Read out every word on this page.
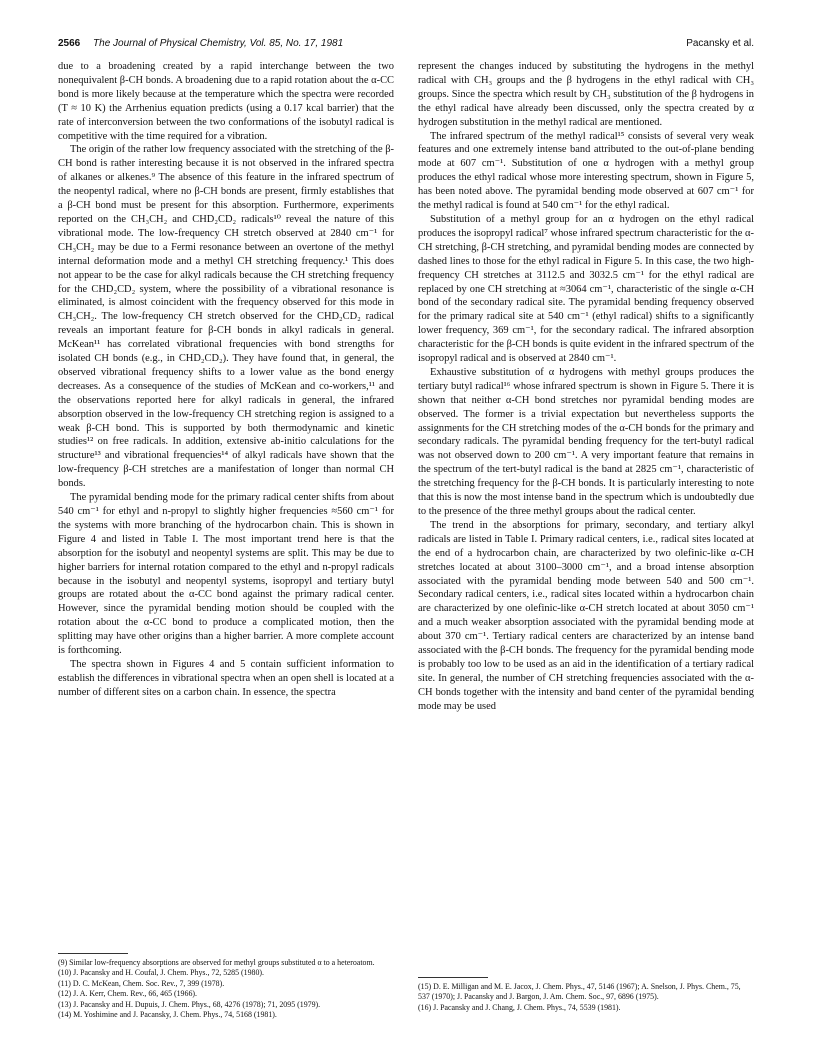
2566 The Journal of Physical Chemistry, Vol. 85, No. 17, 1981	Pacansky et al.

due to a broadening created by a rapid interchange between the two nonequivalent β-CH bonds. A broadening due to a rapid rotation about the α-CC bond is more likely because at the temperature which the spectra were recorded (T ≈ 10 K) the Arrhenius equation predicts (using a 0.17 kcal barrier) that the rate of interconversion between the two conformations of the isobutyl radical is competitive with the time required for a vibration.

The origin of the rather low frequency associated with the stretching of the β-CH bond is rather interesting because it is not observed in the infrared spectra of alkanes or alkenes.⁹ The absence of this feature in the infrared spectrum of the neopentyl radical, where no β-CH bonds are present, firmly establishes that a β-CH bond must be present for this absorption. Furthermore, experiments reported on the CH₃CH₂ and CHD₂CD₂ radicals¹⁰ reveal the nature of this vibrational mode. The low-frequency CH stretch observed at 2840 cm⁻¹ for CH₃CH₂ may be due to a Fermi resonance between an overtone of the methyl internal deformation mode and a methyl CH stretching frequency.¹ This does not appear to be the case for alkyl radicals because the CH stretching frequency for the CHD₂CD₂ system, where the possibility of a vibrational resonance is eliminated, is almost coincident with the frequency observed for this mode in CH₃CH₂. The low-frequency CH stretch observed for the CHD₂CD₂ radical reveals an important feature for β-CH bonds in alkyl radicals in general. McKean¹¹ has correlated vibrational frequencies with bond strengths for isolated CH bonds (e.g., in CHD₂CD₂). They have found that, in general, the observed vibrational frequency shifts to a lower value as the bond energy decreases. As a consequence of the studies of McKean and co-workers,¹¹ and the observations reported here for alkyl radicals in general, the infrared absorption observed in the low-frequency CH stretching region is assigned to a weak β-CH bond. This is supported by both thermodynamic and kinetic studies¹² on free radicals. In addition, extensive ab-initio calculations for the structure¹³ and vibrational frequencies¹⁴ of alkyl radicals have shown that the low-frequency β-CH stretches are a manifestation of longer than normal CH bonds.

The pyramidal bending mode for the primary radical center shifts from about 540 cm⁻¹ for ethyl and n-propyl to slightly higher frequencies ≈560 cm⁻¹ for the systems with more branching of the hydrocarbon chain. This is shown in Figure 4 and listed in Table I. The most important trend here is that the absorption for the isobutyl and neopentyl systems are split. This may be due to higher barriers for internal rotation compared to the ethyl and n-propyl radicals because in the isobutyl and neopentyl systems, isopropyl and tertiary butyl groups are rotated about the α-CC bond against the primary radical center. However, since the pyramidal bending motion should be coupled with the rotation about the α-CC bond to produce a complicated motion, then the splitting may have other origins than a higher barrier. A more complete account is forthcoming.

The spectra shown in Figures 4 and 5 contain sufficient information to establish the differences in vibrational spectra when an open shell is located at a number of different sites on a carbon chain. In essence, the spectra

represent the changes induced by substituting the hydrogens in the methyl radical with CH₃ groups and the β hydrogens in the ethyl radical with CH₃ groups. Since the spectra which result by CH₃ substitution of the β hydrogens in the ethyl radical have already been discussed, only the spectra created by α hydrogen substitution in the methyl radical are mentioned.

The infrared spectrum of the methyl radical¹⁵ consists of several very weak features and one extremely intense band attributed to the out-of-plane bending mode at 607 cm⁻¹. Substitution of one α hydrogen with a methyl group produces the ethyl radical whose more interesting spectrum, shown in Figure 5, has been noted above. The pyramidal bending mode observed at 607 cm⁻¹ for the methyl radical is found at 540 cm⁻¹ for the ethyl radical.

Substitution of a methyl group for an α hydrogen on the ethyl radical produces the isopropyl radical⁷ whose infrared spectrum characteristic for the α-CH stretching, β-CH stretching, and pyramidal bending modes are connected by dashed lines to those for the ethyl radical in Figure 5. In this case, the two high-frequency CH stretches at 3112.5 and 3032.5 cm⁻¹ for the ethyl radical are replaced by one CH stretching at ≈3064 cm⁻¹, characteristic of the single α-CH bond of the secondary radical site. The pyramidal bending frequency observed for the primary radical site at 540 cm⁻¹ (ethyl radical) shifts to a significantly lower frequency, 369 cm⁻¹, for the secondary radical. The infrared absorption characteristic for the β-CH bonds is quite evident in the infrared spectrum of the isopropyl radical and is observed at 2840 cm⁻¹.

Exhaustive substitution of α hydrogens with methyl groups produces the tertiary butyl radical¹⁶ whose infrared spectrum is shown in Figure 5. There it is shown that neither α-CH bond stretches nor pyramidal bending modes are observed. The former is a trivial expectation but nevertheless supports the assignments for the CH stretching modes of the α-CH bonds for the primary and secondary radicals. The pyramidal bending frequency for the tert-butyl radical was not observed down to 200 cm⁻¹. A very important feature that remains in the spectrum of the tert-butyl radical is the band at 2825 cm⁻¹, characteristic of the stretching frequency for the β-CH bonds. It is particularly interesting to note that this is now the most intense band in the spectrum which is undoubtedly due to the presence of the three methyl groups about the radical center.

The trend in the absorptions for primary, secondary, and tertiary alkyl radicals are listed in Table I. Primary radical centers, i.e., radical sites located at the end of a hydrocarbon chain, are characterized by two olefinic-like α-CH stretches located at about 3100–3000 cm⁻¹, and a broad intense absorption associated with the pyramidal bending mode between 540 and 500 cm⁻¹. Secondary radical centers, i.e., radical sites located within a hydrocarbon chain are characterized by one olefinic-like α-CH stretch located at about 3050 cm⁻¹ and a much weaker absorption associated with the pyramidal bending mode at about 370 cm⁻¹. Tertiary radical centers are characterized by an intense band associated with the β-CH bonds. The frequency for the pyramidal bending mode is probably too low to be used as an aid in the identification of a tertiary radical site. In general, the number of CH stretching frequencies associated with the α-CH bonds together with the intensity and band center of the pyramidal bending mode may be used

(9) Similar low-frequency absorptions are observed for methyl groups substituted α to a heteroatom.

(10) J. Pacansky and H. Coufal, J. Chem. Phys., 72, 5285 (1980).

(11) D. C. McKean, Chem. Soc. Rev., 7, 399 (1978).

(12) J. A. Kerr, Chem. Rev., 66, 465 (1966).

(13) J. Pacansky and H. Dupuis, J. Chem. Phys., 68, 4276 (1978); 71, 2095 (1979).

(14) M. Yoshimine and J. Pacansky, J. Chem. Phys., 74, 5168 (1981).

(15) D. E. Milligan and M. E. Jacox, J. Chem. Phys., 47, 5146 (1967); A. Snelson, J. Phys. Chem., 75, 537 (1970); J. Pacansky and J. Bargon, J. Am. Chem. Soc., 97, 6896 (1975).

(16) J. Pacansky and J. Chang, J. Chem. Phys., 74, 5539 (1981).
